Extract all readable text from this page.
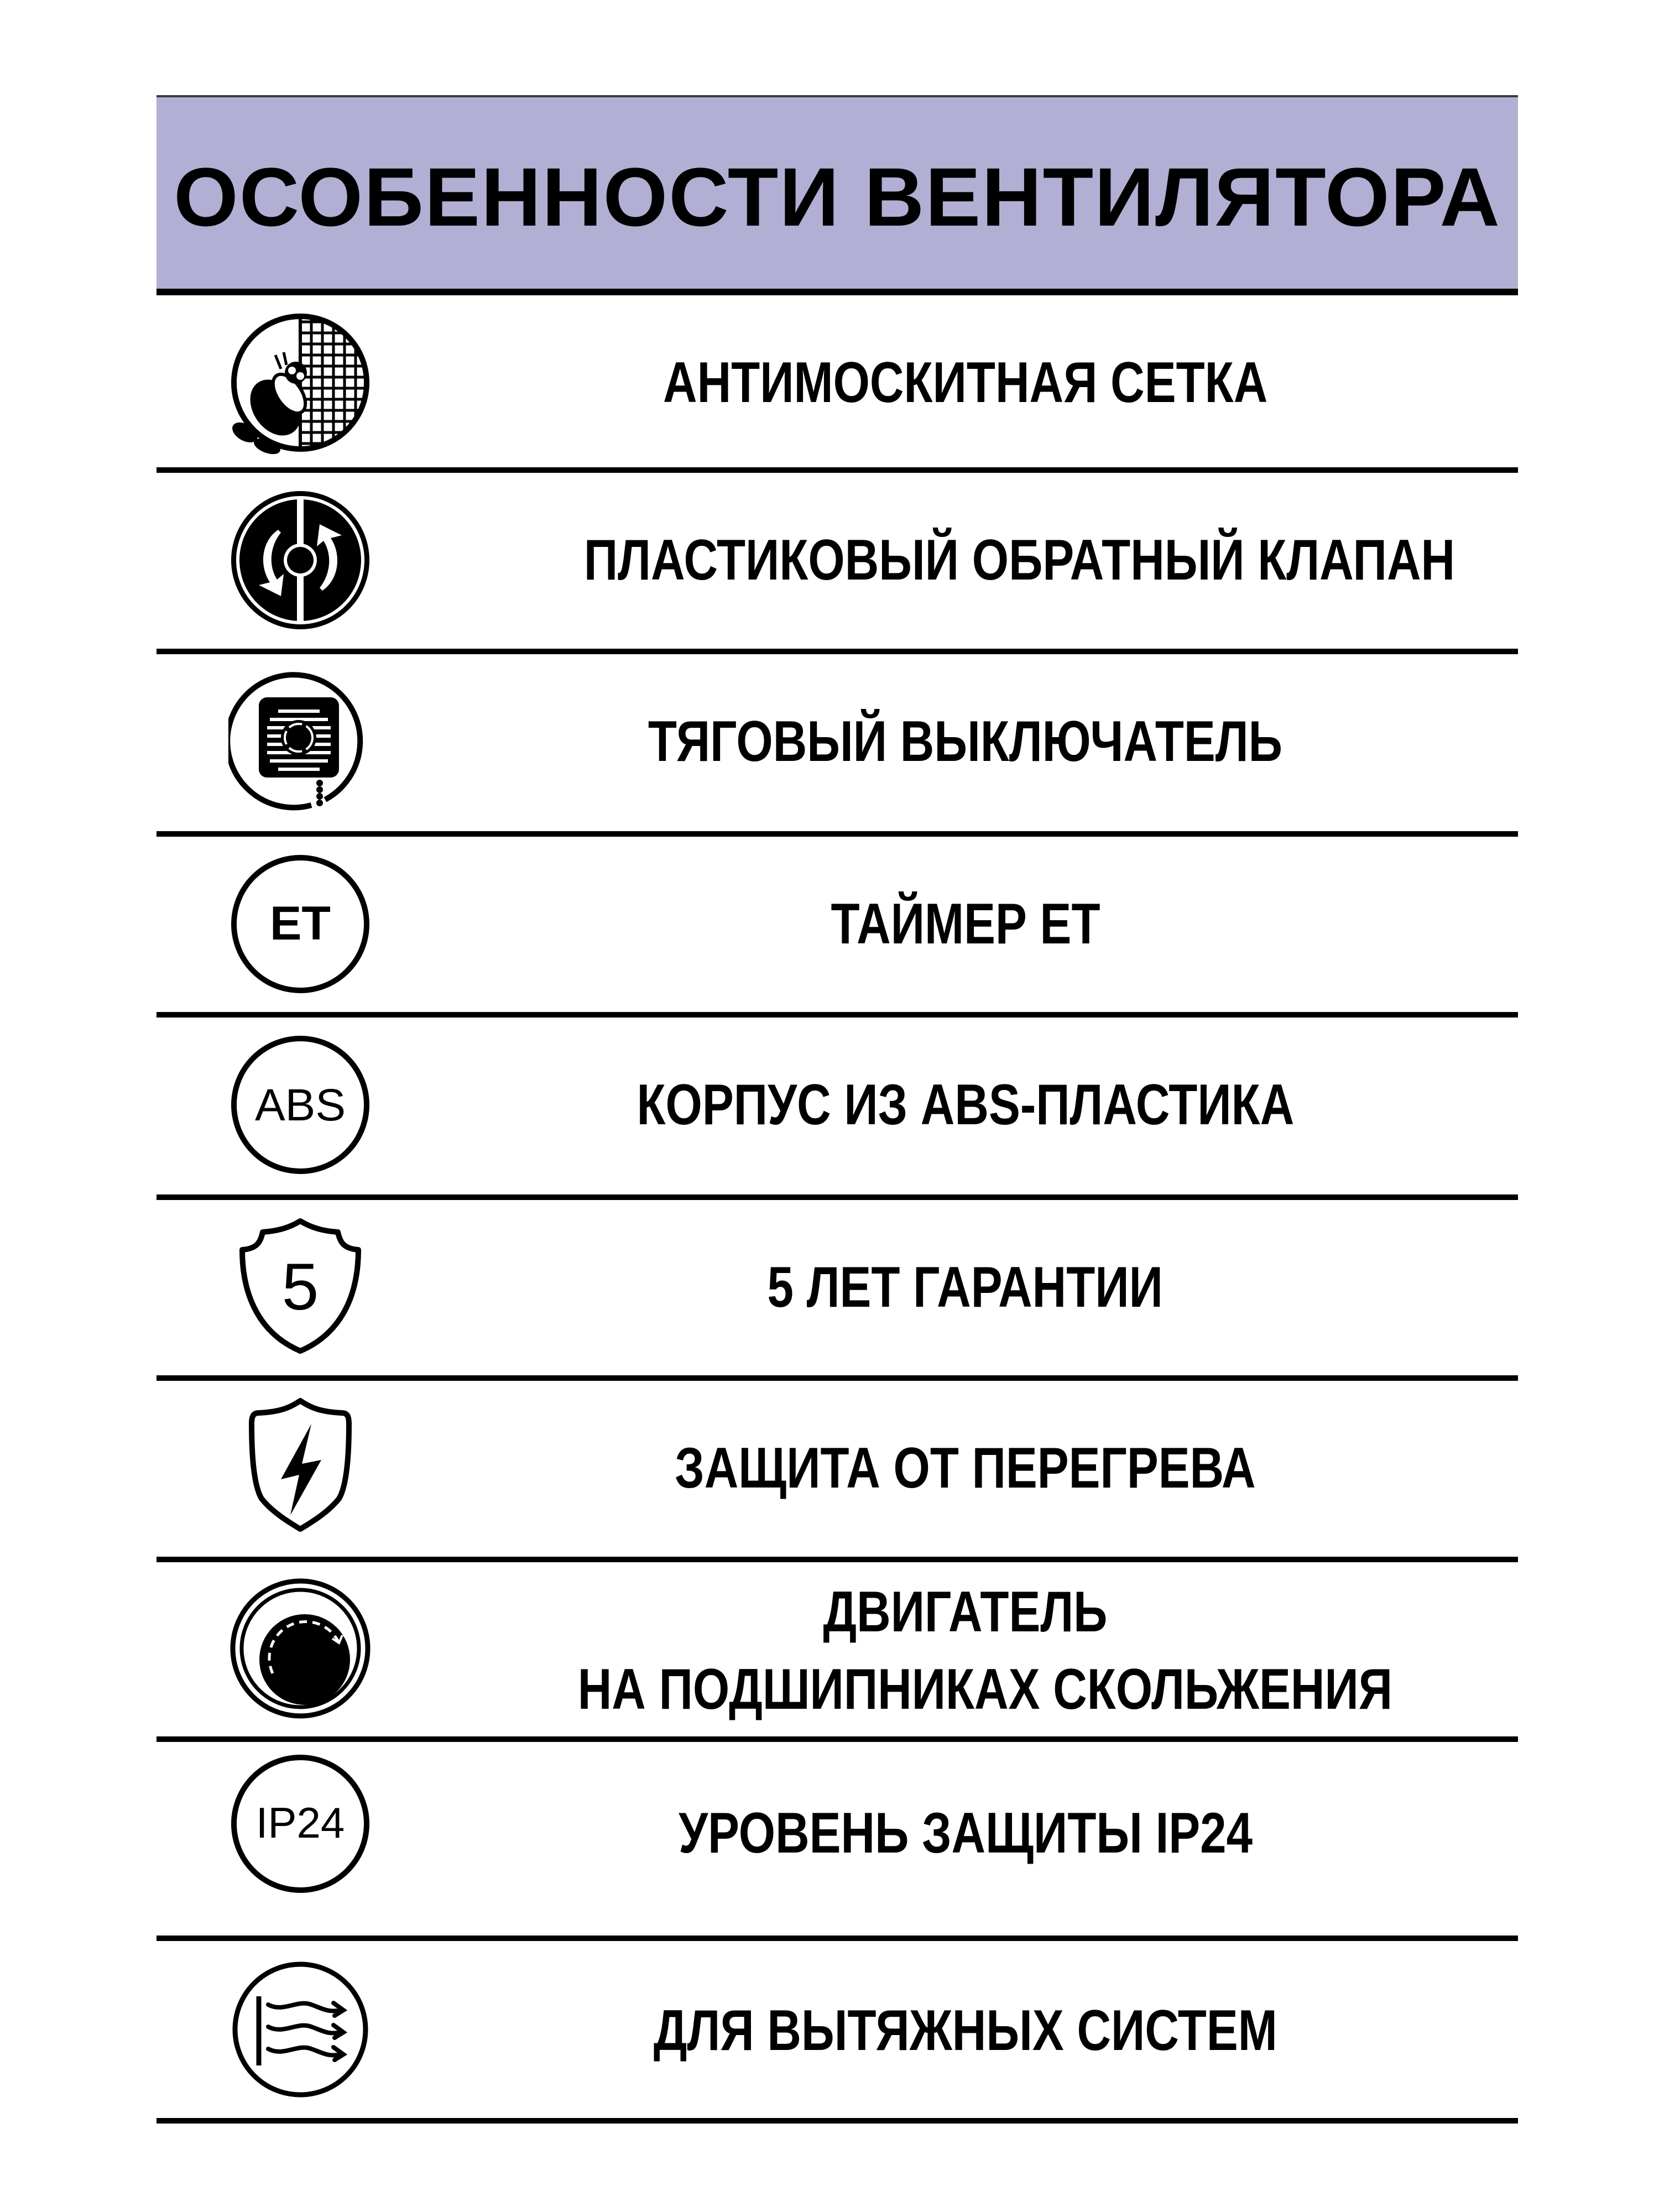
ОСОБЕННОСТИ ВЕНТИЛЯТОРА
АНТИМОСКИТНАЯ СЕТКА
ПЛАСТИКОВЫЙ ОБРАТНЫЙ КЛАПАН
ТЯГОВЫЙ ВЫКЛЮЧАТЕЛЬ
ET	ТАЙМЕР ЕТ
ABS	КОРПУС ИЗ ABS-ПЛАСТИКА
5	5 ЛЕТ ГАРАНТИИ
ЗАЩИТА ОТ ПЕРЕГРЕВА
ДВИГАТЕЛЬ
НА ПОДШИПНИКАХ СКОЛЬЖЕНИЯ
IP24	УРОВЕНЬ ЗАЩИТЫ IP24
ДЛЯ ВЫТЯЖНЫХ СИСТЕМ
